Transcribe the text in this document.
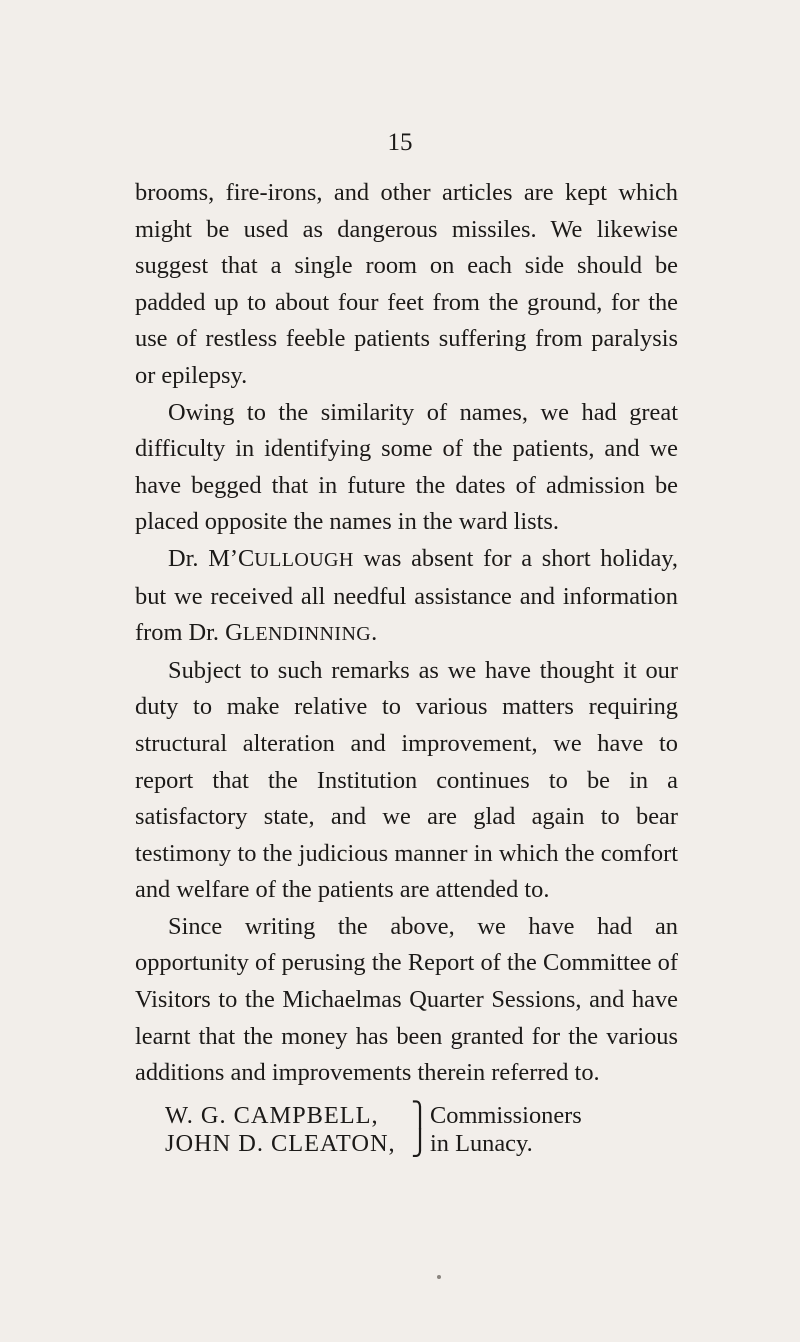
15

brooms, fire-irons, and other articles are kept which might be used as dangerous missiles. We likewise suggest that a single room on each side should be padded up to about four feet from the ground, for the use of restless feeble patients suffering from paralysis or epilepsy.

Owing to the similarity of names, we had great difficulty in identifying some of the patients, and we have begged that in future the dates of admission be placed opposite the names in the ward lists.

Dr. M’CULLOUGH was absent for a short holiday, but we received all needful assistance and information from Dr. GLENDINNING.

Subject to such remarks as we have thought it our duty to make relative to various matters requiring structural alteration and improvement, we have to report that the Institution continues to be in a satisfactory state, and we are glad again to bear testimony to the judicious manner in which the comfort and welfare of the patients are attended to.

Since writing the above, we have had an opportunity of perusing the Report of the Committee of Visitors to the Michaelmas Quarter Sessions, and have learnt that the money has been granted for the various additions and improvements therein referred to.

W. G. CAMPBELL,	⎫ Commissioners
JOHN D. CLEATON, ⎭ in Lunacy.
